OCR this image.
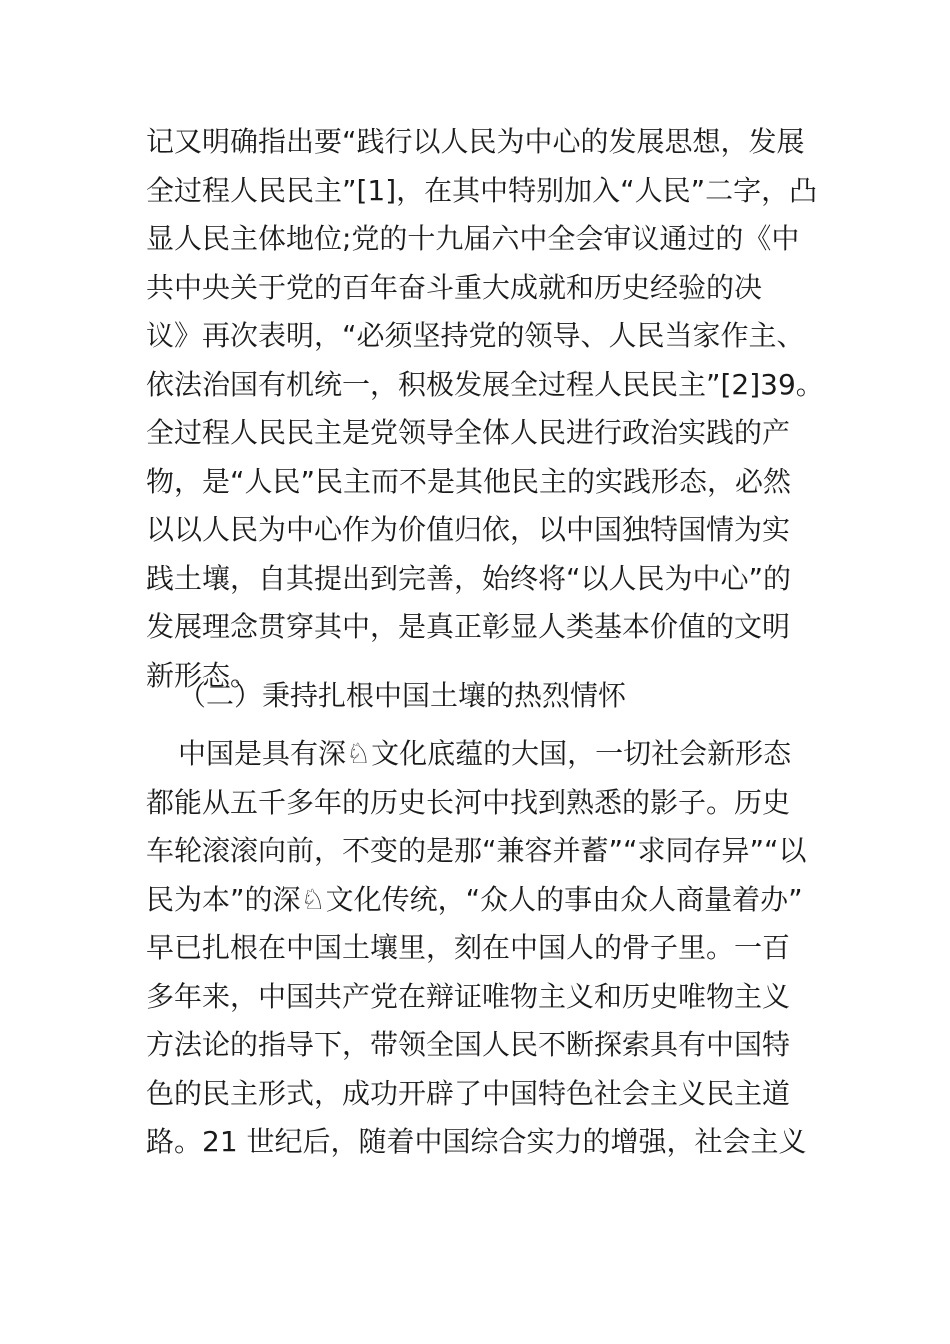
记又明确指出要“践行以人民为中心的发展思想，发展
全过程人民民主”[1]，在其中特别加入“人民”二字，凸
显人民主体地位;党的十九届六中全会审议通过的《中
共中央关于党的百年奋斗重大成就和历史经验的决
议》再次表明，“必须坚持党的领导、人民当家作主、
依法治国有机统一，积极发展全过程人民民主”[2]39。
全过程人民民主是党领导全体人民进行政治实践的产
物，是“人民”民主而不是其他民主的实践形态，必然
以以人民为中心作为价值归依，以中国独特国情为实
践土壤，自其提出到完善，始终将“以人民为中心”的
发展理念贯穿其中，是真正彰显人类基本价值的文明
新形态。
（二）秉持扎根中国土壤的热烈情怀
中国是具有深♘文化底蕴的大国，一切社会新形态
都能从五千多年的历史长河中找到熟悉的影子。历史
车轮滚滚向前，不变的是那“兼容并蓄”“求同存异”“以
民为本”的深♘文化传统，“众人的事由众人商量着办”
早已扎根在中国土壤里，刻在中国人的骨子里。一百
多年来，中国共产党在辩证唯物主义和历史唯物主义
方法论的指导下，带领全国人民不断探索具有中国特
色的民主形式，成功开辟了中国特色社会主义民主道
路。21 世纪后，随着中国综合实力的增强，社会主义
